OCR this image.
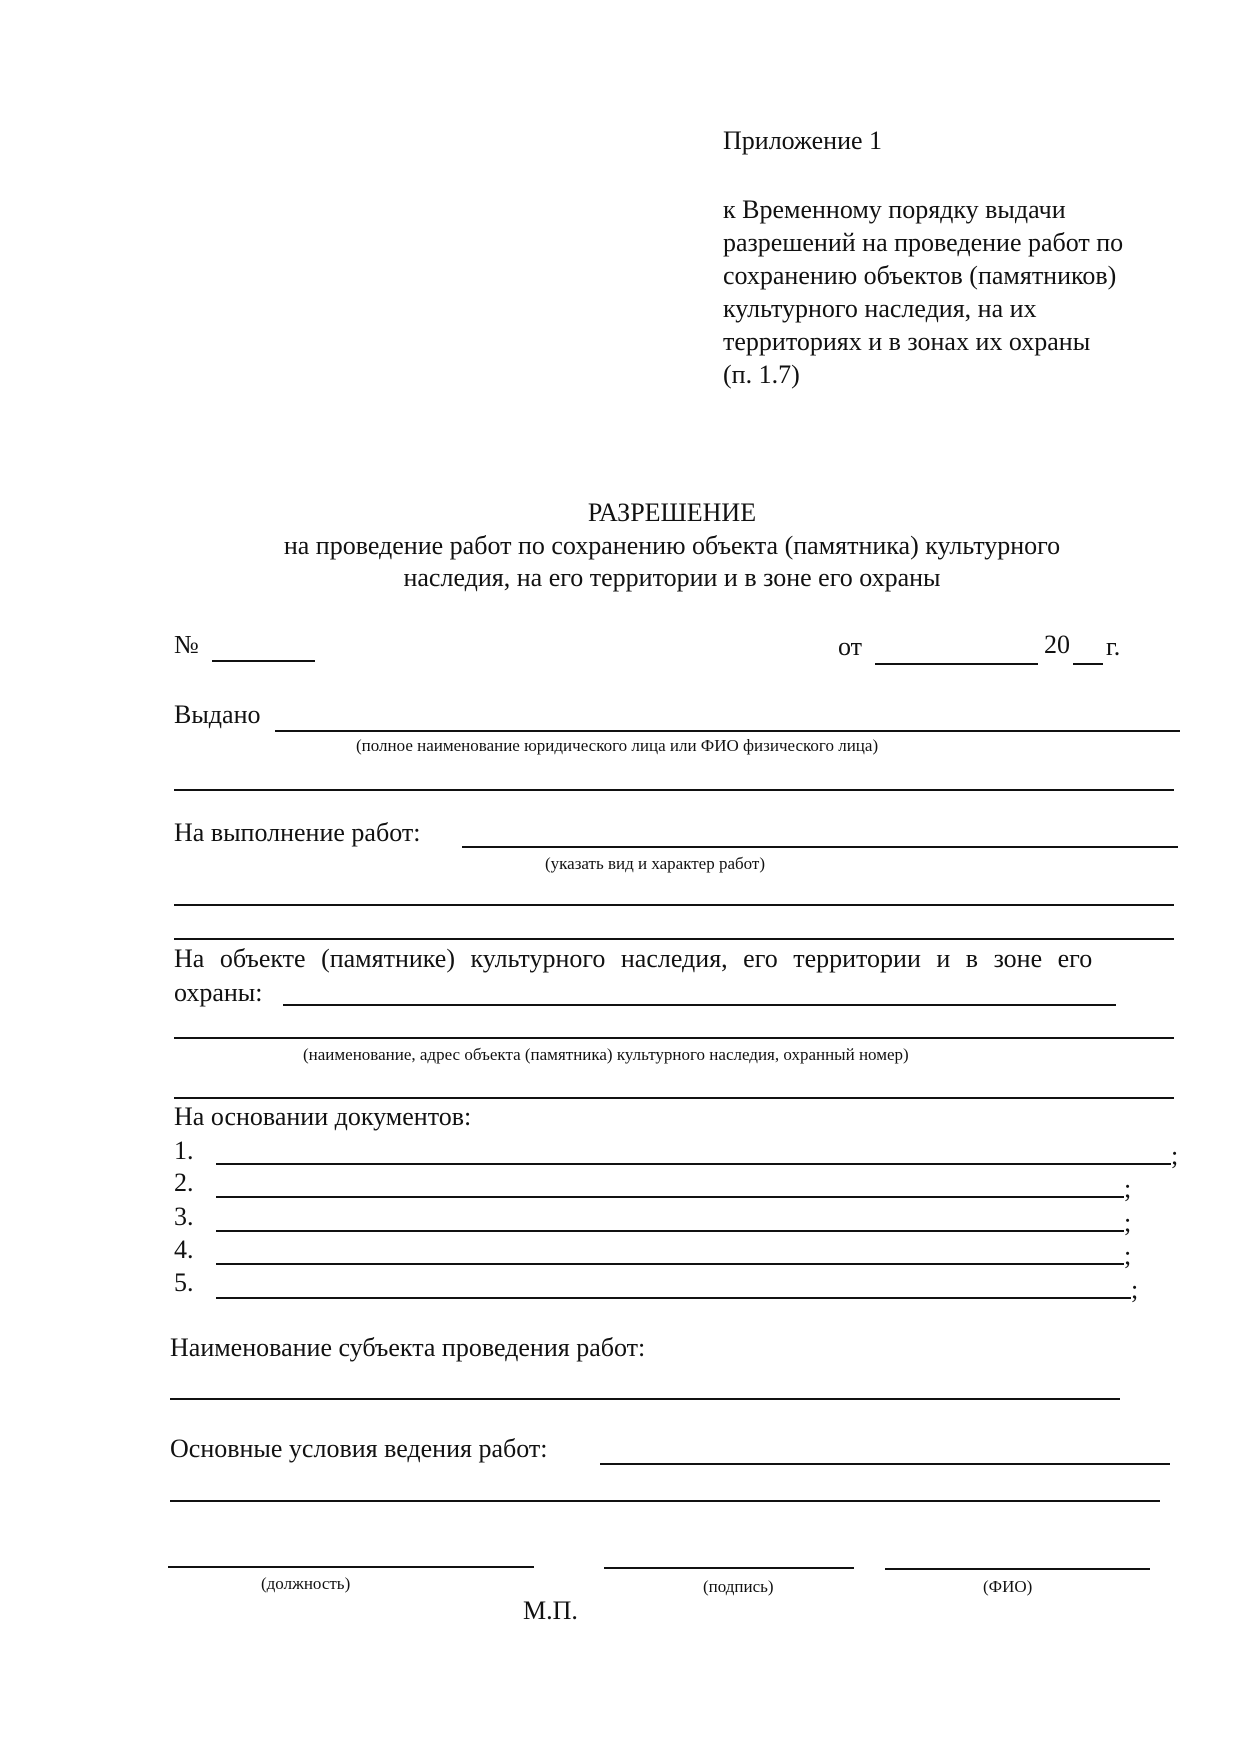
Приложение 1
к Временному порядку выдачи
разрешений на проведение работ по
сохранению объектов (памятников)
культурного наследия, на их
территориях и в зонах их охраны
(п. 1.7)
РАЗРЕШЕНИЕ
на проведение работ по сохранению объекта (памятника) культурного
наследия, на его территории и в зоне его охраны
№	от	20 г.
Выдано
(полное наименование юридического лица или ФИО физического лица)
На выполнение работ:
(указать вид и характер работ)
На объекте (памятнике) культурного наследия, его территории и в зоне его
охраны:
(наименование, адрес объекта (памятника) культурного наследия, охранный номер)
На основании документов:
1.	;
2.	;
3.	;
4.	;
5.	;
Наименование субъекта проведения работ:
Основные условия ведения работ:
(должность)	(подпись)	(ФИО)
М.П.
